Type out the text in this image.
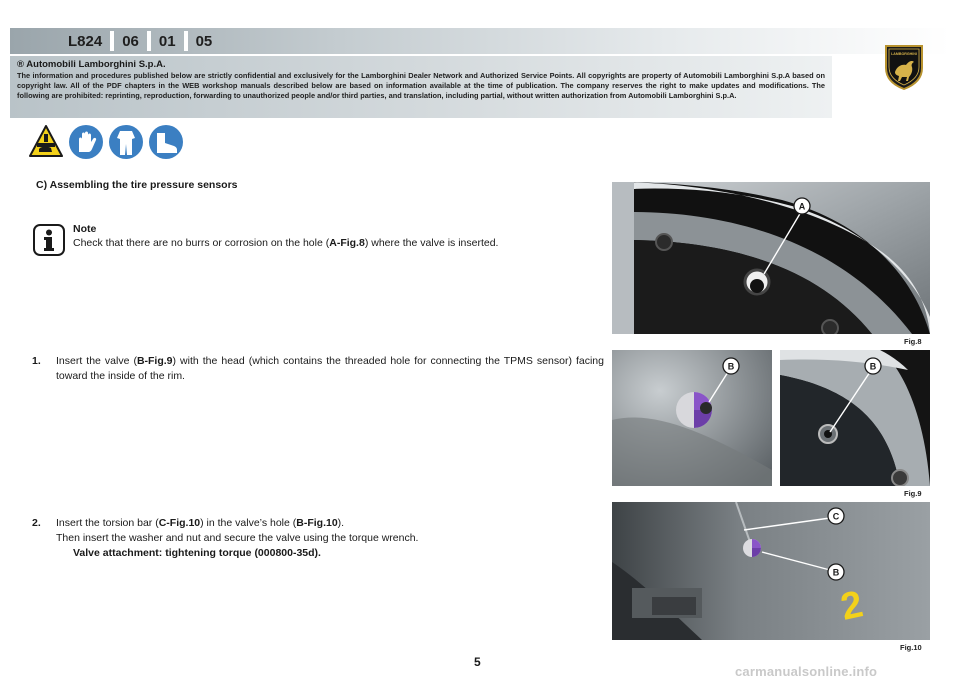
L824	06	01	05
® Automobili Lamborghini S.p.A.
The information and procedures published below are strictly confidential and exclusively for the Lamborghini Dealer Network and Authorized Service Points. All copyrights are property of Automobili Lamborghini S.p.A based on copyright law. All of the PDF chapters in the WEB workshop manuals described below are based on information available at the time of publication. The company reserves the right to make updates and modifications. The following are prohibited: reprinting, reproduction, forwarding to unauthorized people and/or third parties, and translation, including partial, without written authorization from Automobili Lamborghini S.p.A.
LAMBORGHINI
C) Assembling the tire pressure sensors
Note
Check that there are no burrs or corrosion on the hole (A-Fig.8) where the valve is inserted.
1. Insert the valve (B-Fig.9) with the head (which contains the threaded hole for connecting the TPMS sensor) facing toward the inside of the rim.
2. Insert the torsion bar (C-Fig.10) in the valve’s hole (B-Fig.10).
Then insert the washer and nut and secure the valve using the torque wrench.
Valve attachment: tightening torque (000800-35d).
A
Fig.8
B	B
Fig.9
2
C
B
Fig.10
5
carmanualsonline.info
